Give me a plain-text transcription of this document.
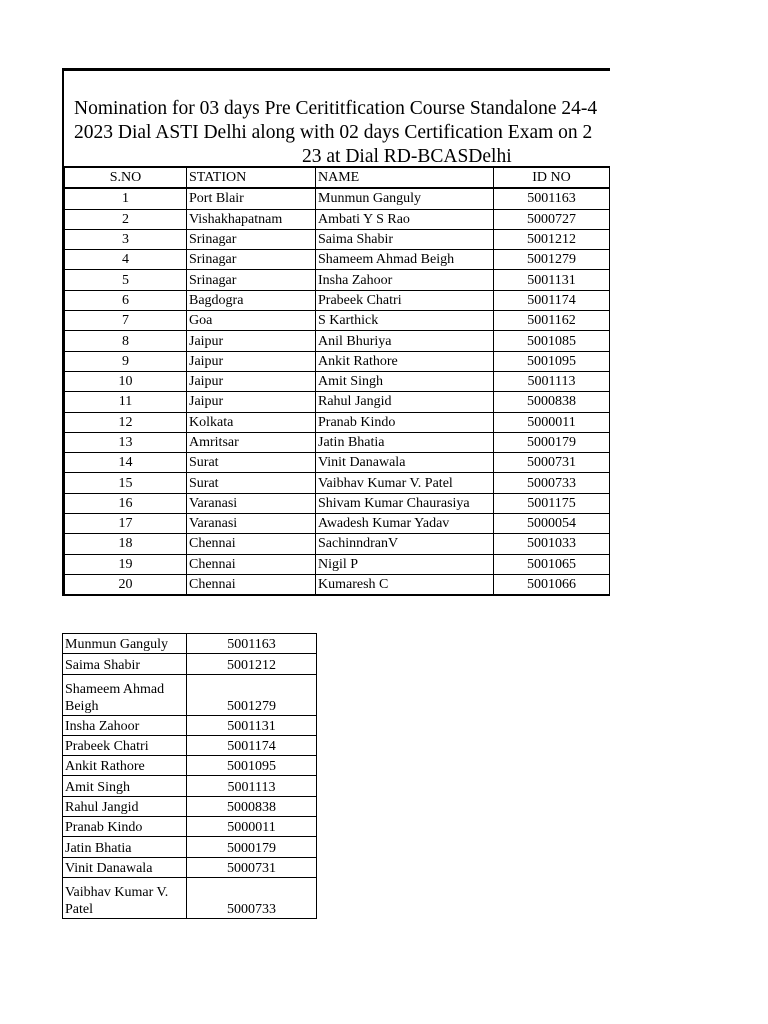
Nomination for 03 days Pre Cerititfication Course Standalone 24-4
2023 Dial ASTI Delhi along with 02 days Certification Exam on 2
23 at Dial RD-BCASDelhi
S.NO	STATION	NAME	ID NO
1	Port Blair	Munmun Ganguly	5001163
2	Vishakhapatnam	Ambati Y S Rao	5000727
3	Srinagar	Saima Shabir	5001212
4	Srinagar	Shameem Ahmad Beigh	5001279
5	Srinagar	Insha Zahoor	5001131
6	Bagdogra	Prabeek Chatri	5001174
7	Goa	S Karthick	5001162
8	Jaipur	Anil Bhuriya	5001085
9	Jaipur	Ankit Rathore	5001095
10	Jaipur	Amit Singh	5001113
11	Jaipur	Rahul Jangid	5000838
12	Kolkata	Pranab Kindo	5000011
13	Amritsar	Jatin Bhatia	5000179
14	Surat	Vinit Danawala	5000731
15	Surat	Vaibhav Kumar V. Patel	5000733
16	Varanasi	Shivam Kumar Chaurasiya	5001175
17	Varanasi	Awadesh Kumar Yadav	5000054
18	Chennai	SachinndranV	5001033
19	Chennai	Nigil P	5001065
20	Chennai	Kumaresh C	5001066
Munmun Ganguly	5001163
Saima Shabir	5001212
Shameem Ahmad Beigh	5001279
Insha Zahoor	5001131
Prabeek Chatri	5001174
Ankit Rathore	5001095
Amit Singh	5001113
Rahul Jangid	5000838
Pranab Kindo	5000011
Jatin Bhatia	5000179
Vinit Danawala	5000731
Vaibhav Kumar V. Patel	5000733
